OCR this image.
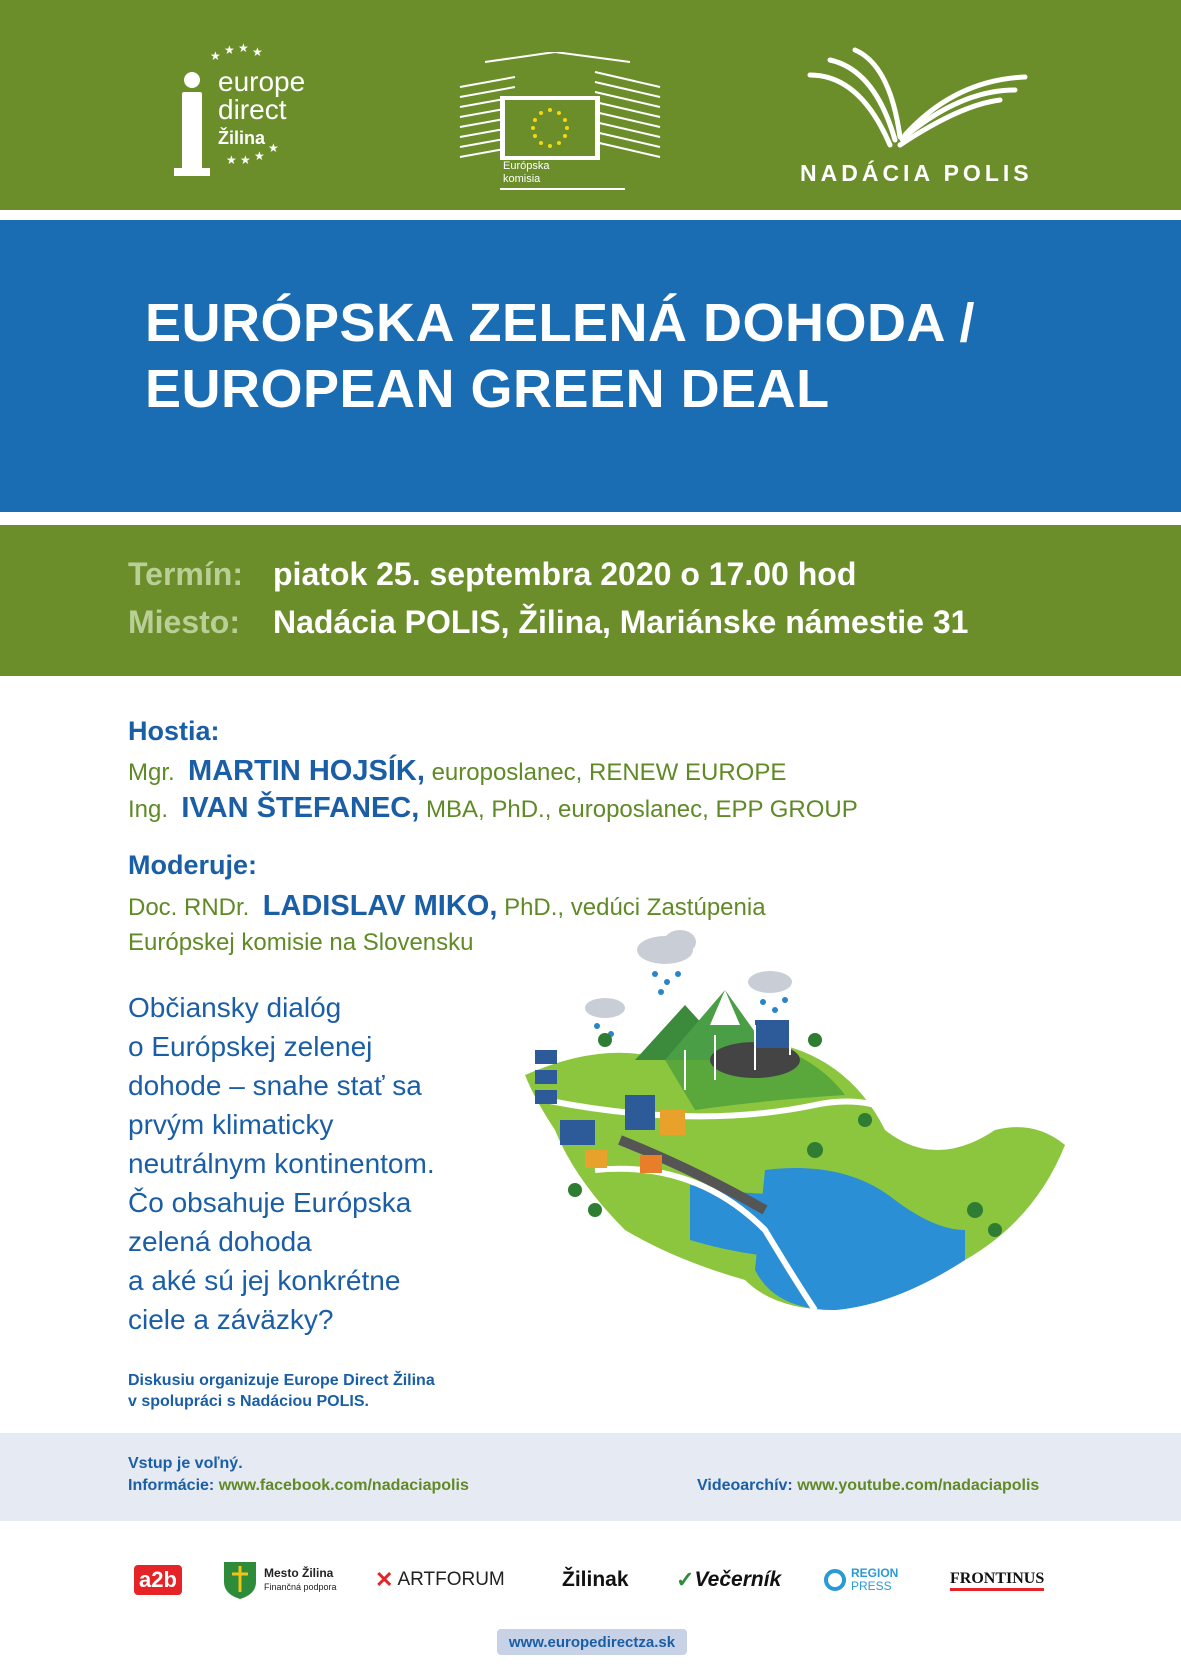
★ ★ ★ ★
★ ★
★
★
europe
direct
Žilina
Európska
komisia	NADÁCIA POLIS
EURÓPSKA ZELENÁ DOHODA /
EUROPEAN GREEN DEAL
Termín: piatok 25. septembra 2020 o 17.00 hod
Miesto: Nadácia POLIS, Žilina, Mariánske námestie 31
Hostia:
Mgr. MARTIN HOJSÍK, europoslanec, RENEW EUROPE
Ing. IVAN ŠTEFANEC, MBA, PhD., europoslanec, EPP GROUP
Moderuje:
Doc. RNDr. LADISLAV MIKO, PhD., vedúci Zastúpenia
Európskej komisie na Slovensku
Občiansky dialóg
o Európskej zelenej
dohode – snahe stať sa
prvým klimaticky
neutrálnym kontinentom.
Čo obsahuje Európska
zelená dohoda
a aké sú jej konkrétne
ciele a záväzky?
Diskusiu organizuje Europe Direct Žilina
v spolupráci s Nadáciou POLIS.
Vstup je voľný.
Informácie: www.facebook.com/nadaciapolis	Videoarchív: www.youtube.com/nadaciapolis
a2b	Mesto Žilina
Finančná podpora ✕ ARTFORUM	Žilinak ✓ Večerník	REGION
PRESS	FRONTINUS
www.europedirectza.sk
